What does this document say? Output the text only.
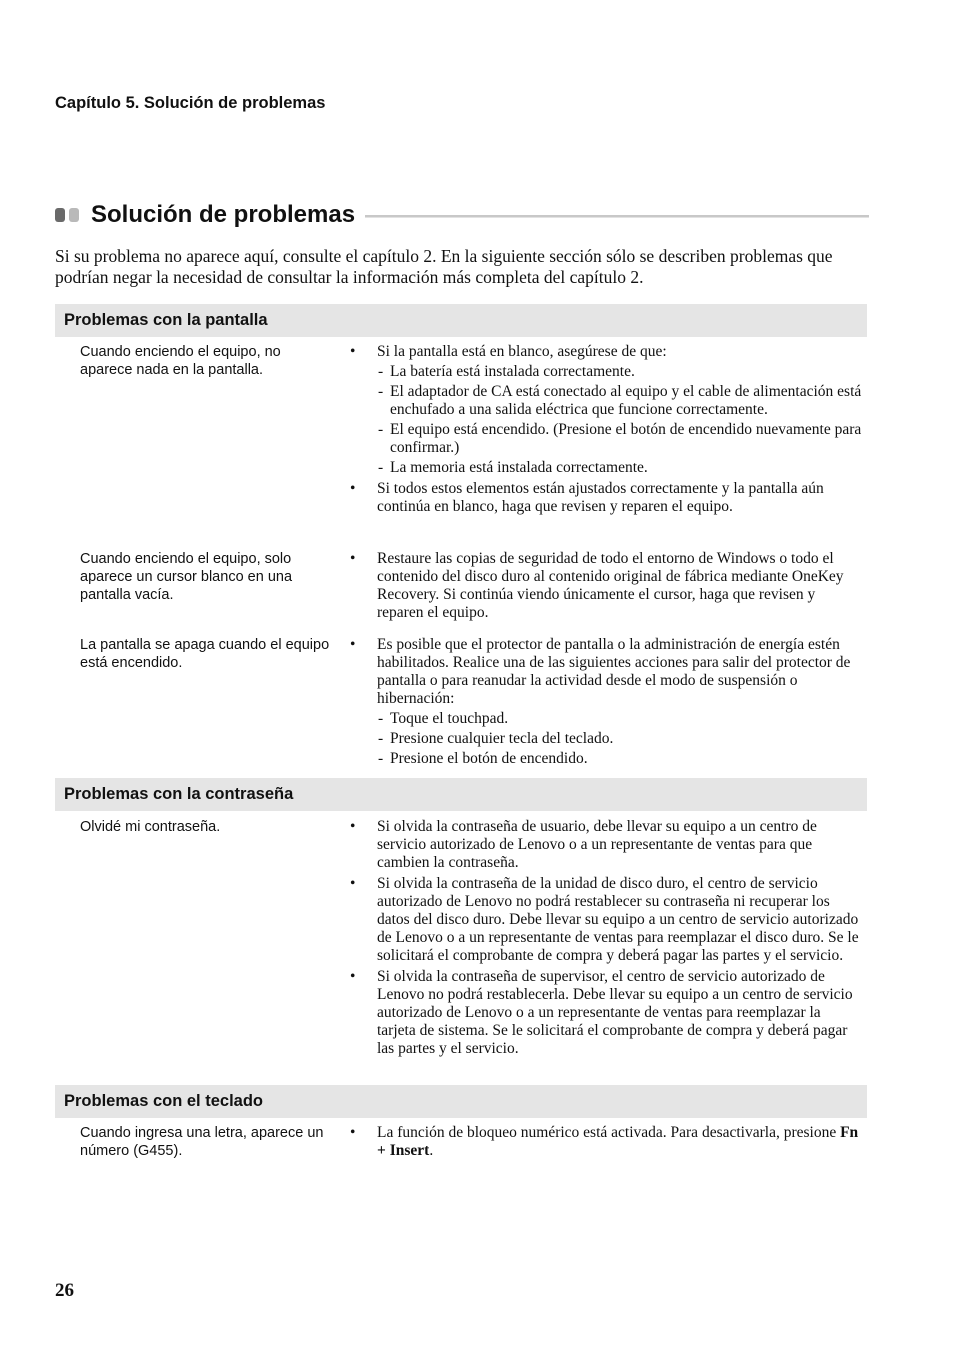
Capítulo 5. Solución de problemas
Solución de problemas
Si su problema no aparece aquí, consulte el capítulo 2. En la siguiente sección sólo se describen problemas que podrían negar la necesidad de consultar la información más completa del capítulo 2.
Problemas con la pantalla
Cuando enciendo el equipo, no aparece nada en la pantalla.
• Si la pantalla está en blanco, asegúrese de que:
- La batería está instalada correctamente.
- El adaptador de CA está conectado al equipo y el cable de alimentación está enchufado a una salida eléctrica que funcione correctamente.
- El equipo está encendido. (Presione el botón de encendido nuevamente para confirmar.)
- La memoria está instalada correctamente.
• Si todos estos elementos están ajustados correctamente y la pantalla aún continúa en blanco, haga que revisen y reparen el equipo.
Cuando enciendo el equipo, solo aparece un cursor blanco en una pantalla vacía.
• Restaure las copias de seguridad de todo el entorno de Windows o todo el contenido del disco duro al contenido original de fábrica mediante OneKey Recovery. Si continúa viendo únicamente el cursor, haga que revisen y reparen el equipo.
La pantalla se apaga cuando el equipo está encendido.
• Es posible que el protector de pantalla o la administración de energía estén habilitados. Realice una de las siguientes acciones para salir del protector de pantalla o para reanudar la actividad desde el modo de suspensión o hibernación:
- Toque el touchpad.
- Presione cualquier tecla del teclado.
- Presione el botón de encendido.
Problemas con la contraseña
Olvidé mi contraseña.
•	Si olvida la contraseña de usuario, debe llevar su equipo a un centro de servicio autorizado de Lenovo o a un representante de ventas para que cambien la contraseña.
• Si olvida la contraseña de la unidad de disco duro, el centro de servicio autorizado de Lenovo no podrá restablecer su contraseña ni recuperar los datos del disco duro. Debe llevar su equipo a un centro de servicio autorizado de Lenovo o a un representante de ventas para reemplazar el disco duro. Se le solicitará el comprobante de compra y deberá pagar las partes y el servicio.
• Si olvida la contraseña de supervisor, el centro de servicio autorizado de Lenovo no podrá restablecerla. Debe llevar su equipo a un centro de servicio autorizado de Lenovo o a un representante de ventas para reemplazar la tarjeta de sistema. Se le solicitará el comprobante de compra y deberá pagar las partes y el servicio.
Problemas con el teclado
Cuando ingresa una letra, aparece un número (G455).
• La función de bloqueo numérico está activada. Para desactivarla, presione Fn + Insert.
26
